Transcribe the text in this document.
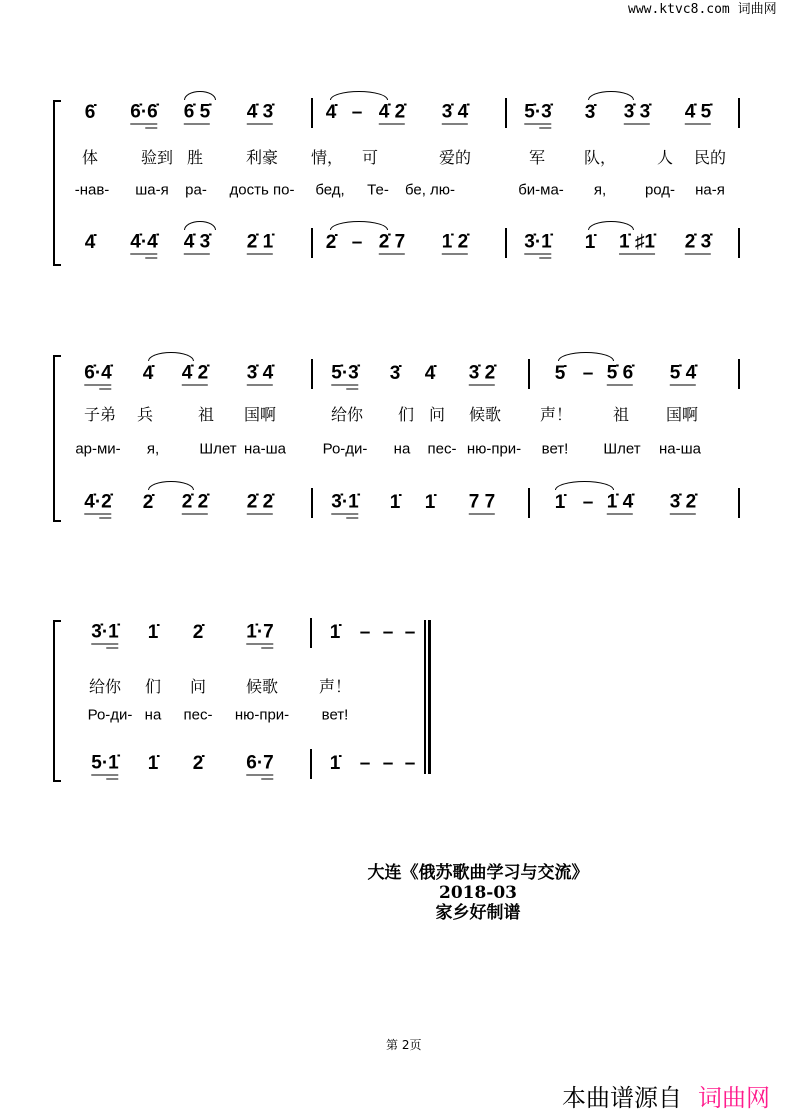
www.ktvc8.com 词曲网
6̇ 6̇·6̇ 6̇ 5̇ 4̇ 3̇	4̇ – 4̇ 2̇ 3̇ 4̇	5̇·3̇ 3̇ 3̇ 3̇ 4̇ 5̇
4̇ 4̇·4̇ 4̇ 3̇ 2̇ 1̇	2̇ – 2̇ 7 1̇ 2̇	3̇·1̇ 1̇ 1̇ ♯1̇ 2̇ 3̇
体	验到 胜	利豪 情， 可	爱的	军 队，	人 民的
-нав- ша-я ра- дость по- бед, Те- бе, лю-	би-ма- я,	род- на-я
6̇·4̇ 4̇ 4̇ 2̇ 3̇ 4̇	5̇·3̇ 3̇ 4̇ 3̇ 2̇	5̇ – 5̇ 6̇ 5̇ 4̇
4̇·2̇ 2̇ 2̇ 2̇ 2̇ 2̇	3̇·1̇ 1̇ 1̇ 7 7	1̇ – 1̇ 4̇ 3̇ 2̇
子弟 兵	祖 国啊	给你 们 问 候歌 声！	祖 国啊
ар-ми- я,	Шлет на-ша Ро-ди- на пес- ню-при- вет! Шлет на-ша
3̇·1̇ 1̇ 2̇ 1̇·7	1̇ – – –
5·1̇ 1̇ 2̇ 6·7	1̇ – – –
给你 们 问 候歌	声！
Ро-ди- на пес- ню-при- вет!
大连《俄苏歌曲学习与交流》
2018-03
家乡好制谱
第 2页
本曲谱源自 词曲网
